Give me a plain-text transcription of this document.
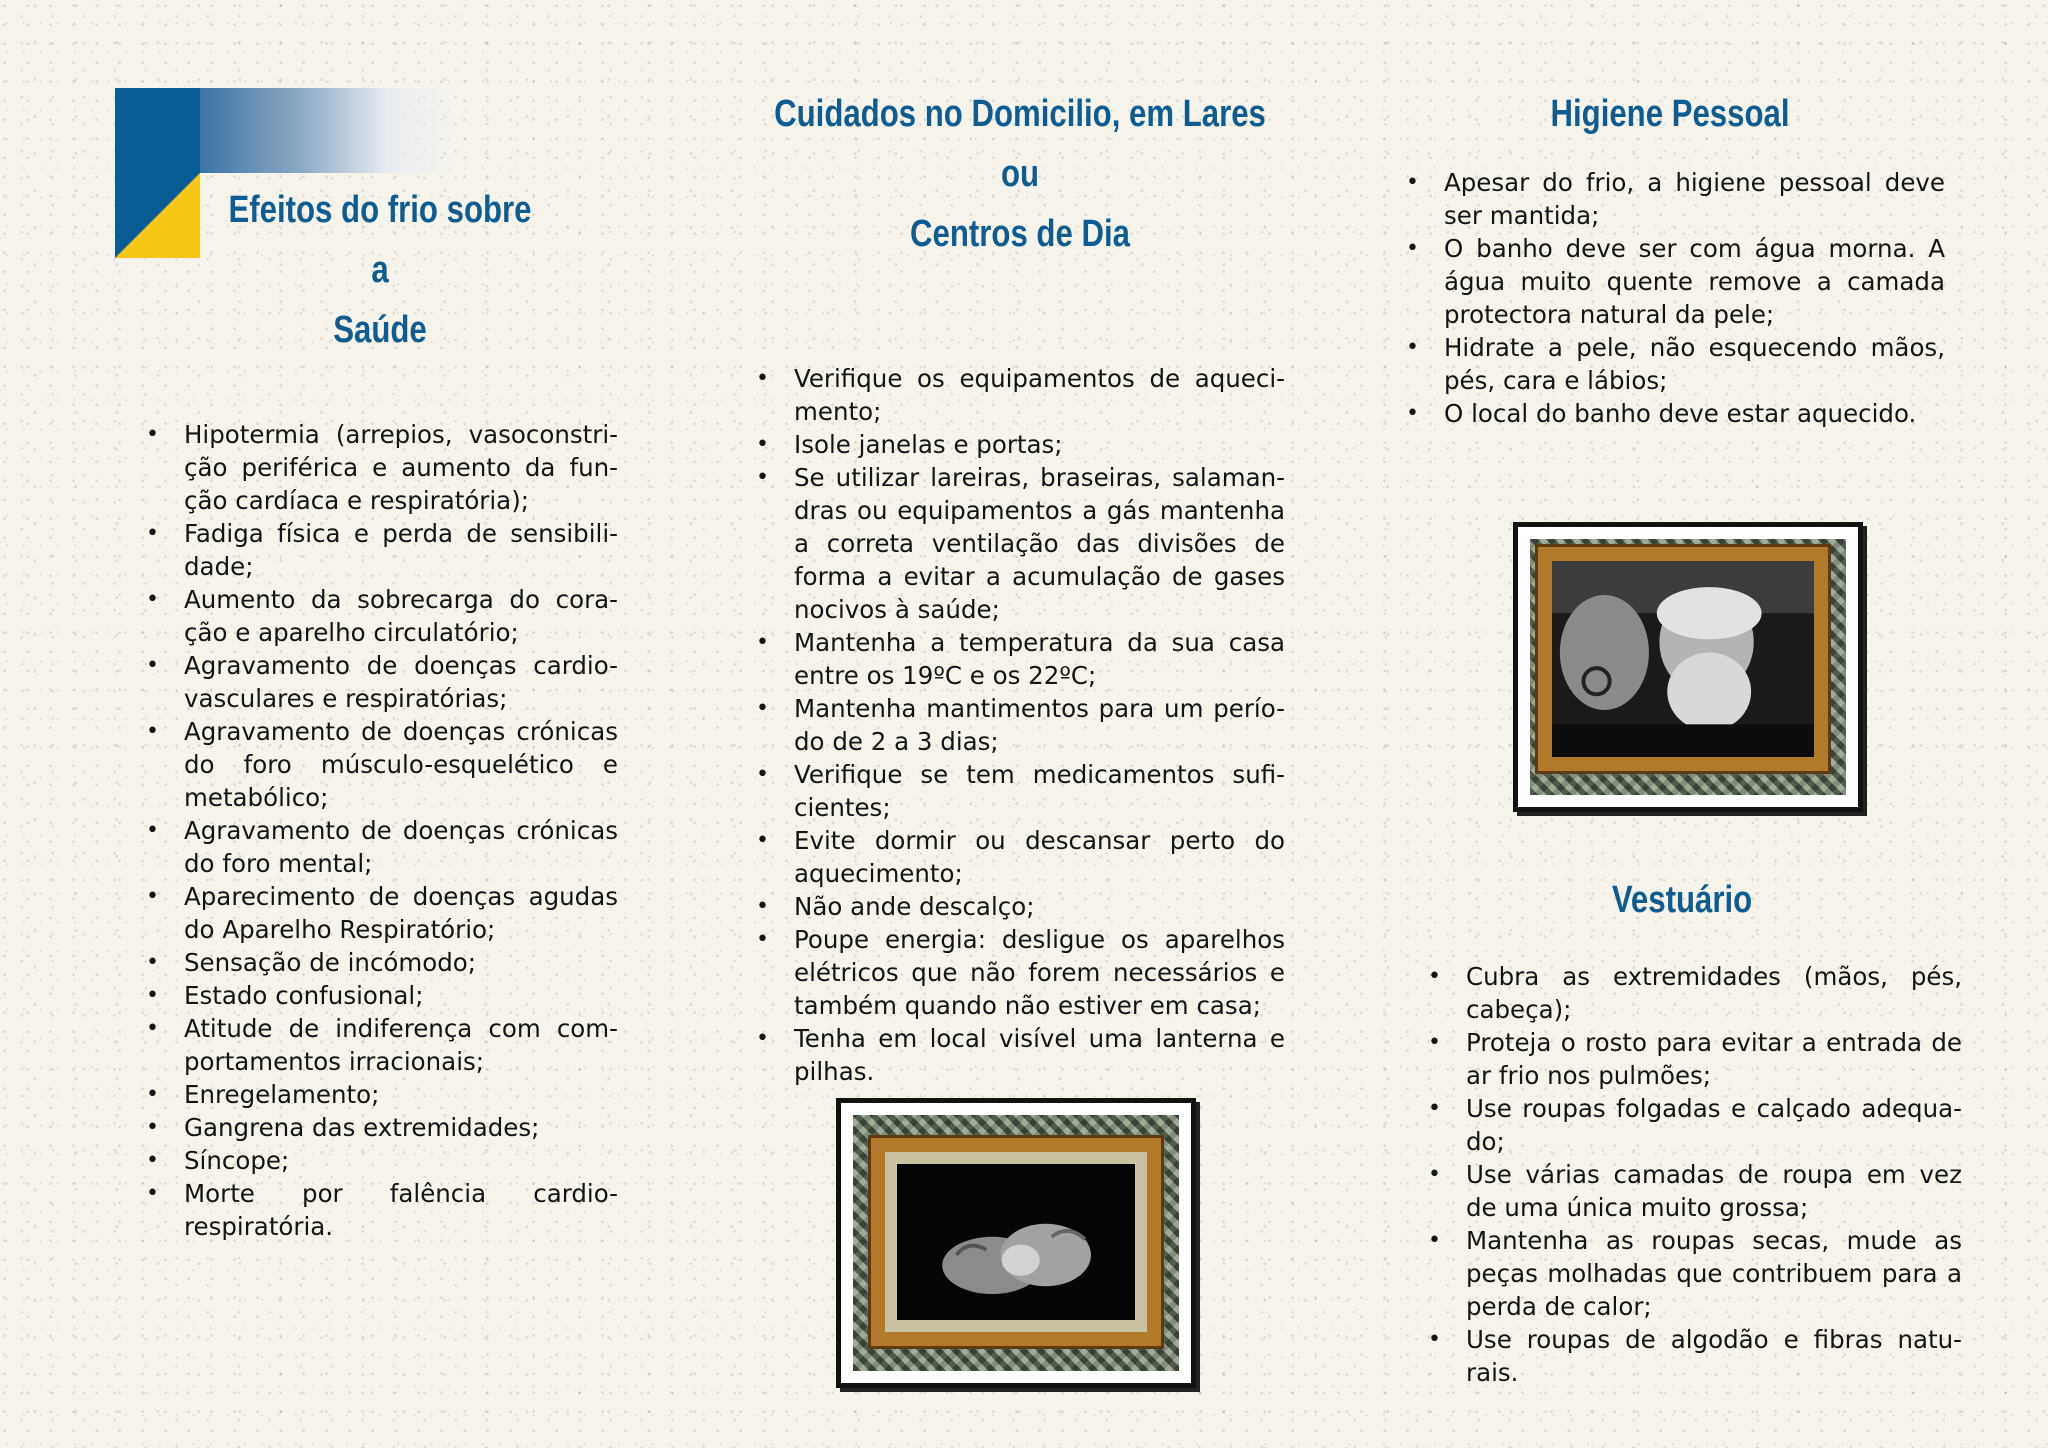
Efeitos do frio sobre a
Saúde
• Hipotermia (arrepios, vasoconstri-ção periférica e aumento da fun-ção cardíaca e respiratória);
• Fadiga física e perda de sensibili-dade;
• Aumento da sobrecarga do cora-ção e aparelho circulatório;
• Agravamento de doenças cardio-vasculares e respiratórias;
• Agravamento de doenças crónicas do foro músculo-esquelético e metabólico;
• Agravamento de doenças crónicas do foro mental;
• Aparecimento de doenças agudas do Aparelho Respiratório;
• Sensação de incómodo;
• Estado confusional;
• Atitude de indiferença com com-portamentos irracionais;
• Enregelamento;
• Gangrena das extremidades;
• Síncope;
• Morte por falência cardio-respiratória.
Cuidados no Domicilio, em Lares ou
Centros de Dia
• Verifique os equipamentos de aqueci-mento;
• Isole janelas e portas;
• Se utilizar lareiras, braseiras, salaman-dras ou equipamentos a gás mantenha a correta ventilação das divisões de forma a evitar a acumulação de gases nocivos à saúde;
• Mantenha a temperatura da sua casa entre os 19ºC e os 22ºC;
• Mantenha mantimentos para um perío-do de 2 a 3 dias;
• Verifique se tem medicamentos sufi-cientes;
• Evite dormir ou descansar perto do aquecimento;
• Não ande descalço;
• Poupe energia: desligue os aparelhos elétricos que não forem necessários e também quando não estiver em casa;
• Tenha em local visível uma lanterna e pilhas.
Higiene Pessoal
• Apesar do frio, a higiene pessoal deve ser mantida;
• O banho deve ser com água morna. A água muito quente remove a camada protectora natural da pele;
• Hidrate a pele, não esquecendo mãos, pés, cara e lábios;
• O local do banho deve estar aquecido.
Vestuário
• Cubra as extremidades (mãos, pés, cabeça);
• Proteja o rosto para evitar a entrada de ar frio nos pulmões;
• Use roupas folgadas e calçado adequa-do;
• Use várias camadas de roupa em vez de uma única muito grossa;
• Mantenha as roupas secas, mude as peças molhadas que contribuem para a perda de calor;
• Use roupas de algodão e fibras natu-rais.
